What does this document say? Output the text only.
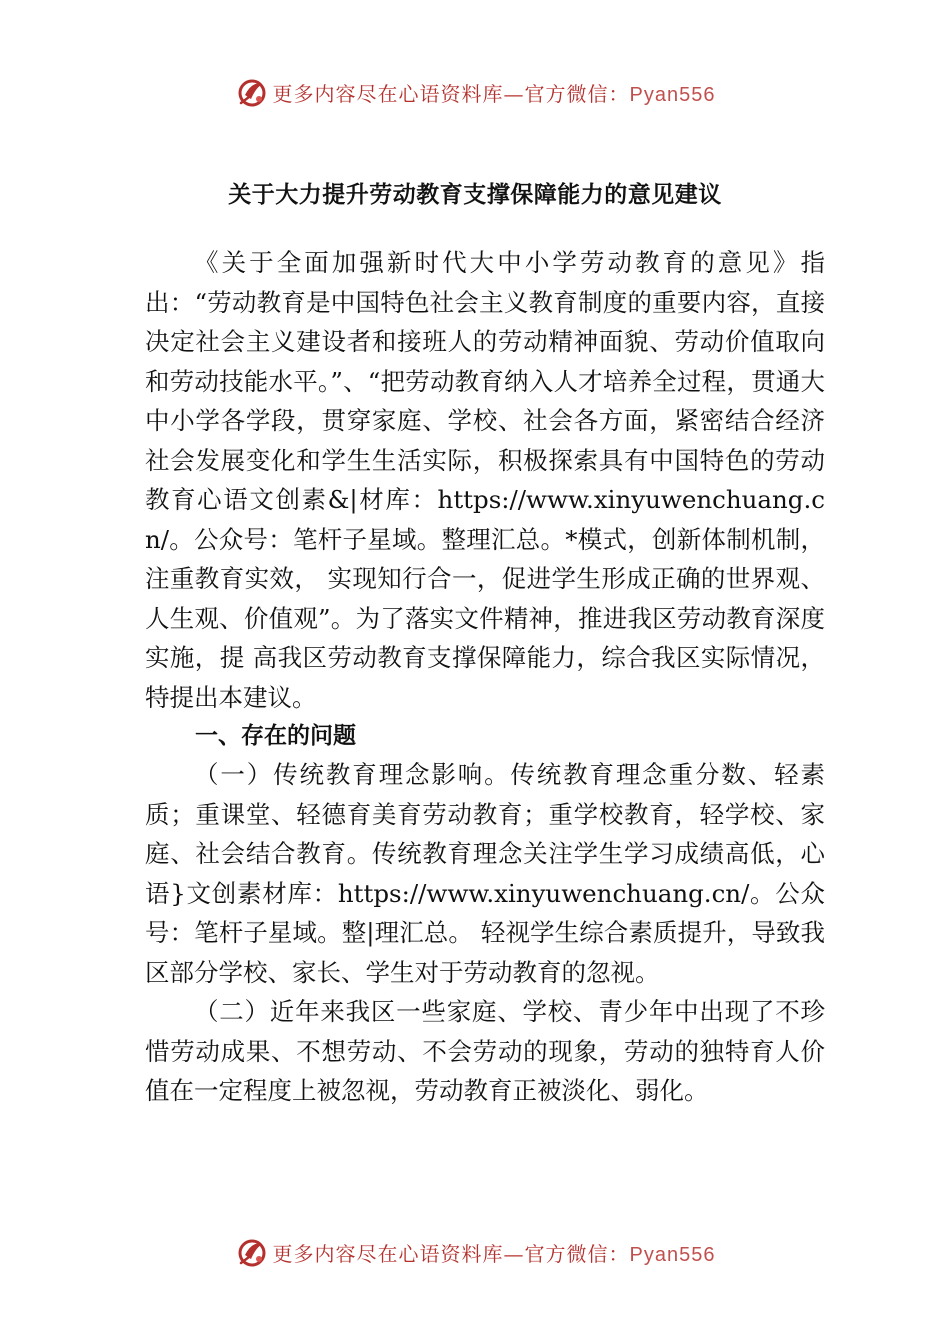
更多内容尽在心语资料库—官方微信：Pyan556
关于大力提升劳动教育支撑保障能力的意见建议

《关于全面加强新时代大中小学劳动教育的意见》指出：“劳动教育是中国特色社会主义教育制度的重要内容，直接决定社会主义建设者和接班人的劳动精神面貌、劳动价值取向和劳动技能水平。”、“把劳动教育纳入人才培养全过程，贯通大中小学各学段，贯穿家庭、学校、社会各方面，紧密结合经济社会发展变化和学生生活实际，积极探索具有中国特色的劳动教育心语文创素&|材库：https://www.xinyuwenchuang.cn/。公众号：笔杆子星域。整理汇总。*模式，创新体制机制，注重教育实效， 实现知行合一，促进学生形成正确的世界观、人生观、价值观”。为了落实文件精神，推进我区劳动教育深度实施，提 高我区劳动教育支撑保障能力，综合我区实际情况，特提出本建议。

一、存在的问题

（一）传统教育理念影响。传统教育理念重分数、轻素质；重课堂、轻德育美育劳动教育；重学校教育，轻学校、家庭、社会结合教育。传统教育理念关注学生学习成绩高低，心语}文创素材库：https://www.xinyuwenchuang.cn/。公众号：笔杆子星域。整|理汇总。 轻视学生综合素质提升，导致我区部分学校、家长、学生对于劳动教育的忽视。

（二）近年来我区一些家庭、学校、青少年中出现了不珍惜劳动成果、不想劳动、不会劳动的现象，劳动的独特育人价值在一定程度上被忽视，劳动教育正被淡化、弱化。

更多内容尽在心语资料库—官方微信：Pyan556
